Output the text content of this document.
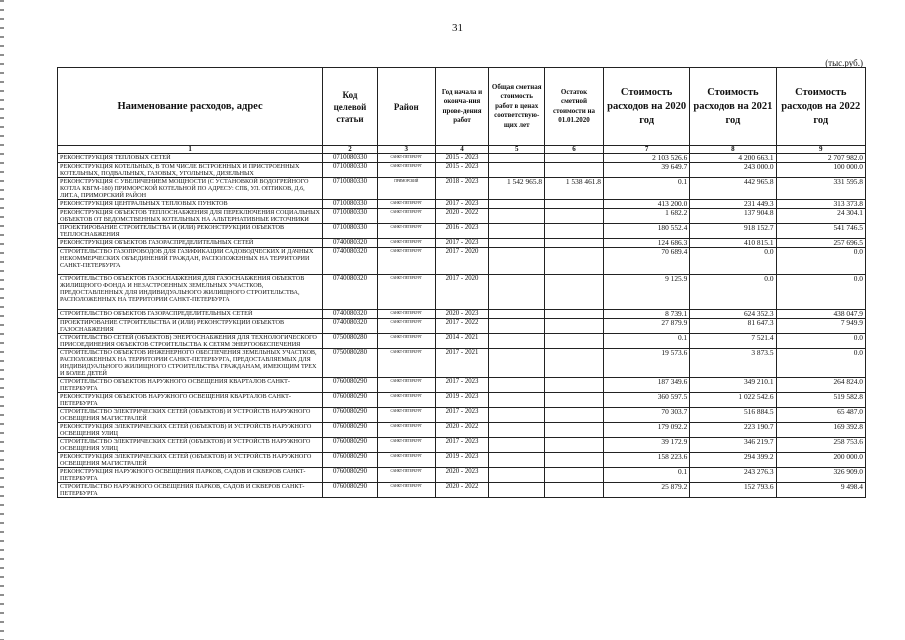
31
(тыс.руб.)
Наименование расходов, адрес	Код целевой статьи	Район	Год начала и оконча-ния прове-дения работ	Общая сметная стоимость работ в ценах соответствую-щих лет	Остаток сметной стоимости на 01.01.2020	Стоимость расходов на 2020 год	Стоимость расходов на 2021 год	Стоимость расходов на 2022 год
1	2	3	4	5	6	7	8	9
РЕКОНСТРУКЦИЯ ТЕПЛОВЫХ СЕТЕЙ	0710080330	САНКТ-ПЕТЕРБУРГ	2015 - 2023			2 103 526.6	4 200 663.1	2 707 982.0
РЕКОНСТРУКЦИЯ КОТЕЛЬНЫХ, В ТОМ ЧИСЛЕ ВСТРОЕННЫХ И ПРИСТРОЕННЫХ КОТЕЛЬНЫХ, ПОДВАЛЬНЫХ, ГАЗОВЫХ, УГОЛЬНЫХ, ДИЗЕЛЬНЫХ	0710080330	САНКТ-ПЕТЕРБУРГ	2015 - 2023			39 649.7	243 000.0	100 000.0
РЕКОНСТРУКЦИЯ С УВЕЛИЧЕНИЕМ МОЩНОСТИ (С УСТАНОВКОЙ ВОДОГРЕЙНОГО КОТЛА КВГМ-180) ПРИМОРСКОЙ КОТЕЛЬНОЙ ПО АДРЕСУ: СПБ, УЛ. ОПТИКОВ, Д.6, ЛИТ.А, ПРИМОРСКИЙ РАЙОН	0710080330	ПРИМОРСКИЙ	2018 - 2023	1 542 965.8	1 538 461.8	0.1	442 965.8	331 595.8
РЕКОНСТРУКЦИЯ ЦЕНТРАЛЬНЫХ ТЕПЛОВЫХ ПУНКТОВ	0710080330	САНКТ-ПЕТЕРБУРГ	2017 - 2023			413 200.0	231 449.3	313 373.8
РЕКОНСТРУКЦИЯ ОБЪЕКТОВ ТЕПЛОСНАБЖЕНИЯ ДЛЯ ПЕРЕКЛЮЧЕНИЯ СОЦИАЛЬНЫХ ОБЪЕКТОВ ОТ ВЕДОМСТВЕННЫХ КОТЕЛЬНЫХ НА АЛЬТЕРНАТИВНЫЕ ИСТОЧНИКИ	0710080330	САНКТ-ПЕТЕРБУРГ	2020 - 2022			1 682.2	137 904.8	24 304.1
ПРОЕКТИРОВАНИЕ СТРОИТЕЛЬСТВА И (ИЛИ) РЕКОНСТРУКЦИИ ОБЪЕКТОВ ТЕПЛОСНАБЖЕНИЯ	0710080330	САНКТ-ПЕТЕРБУРГ	2016 - 2023			180 552.4	918 152.7	541 746.5
РЕКОНСТРУКЦИЯ ОБЪЕКТОВ ГАЗОРАСПРЕДЕЛИТЕЛЬНЫХ СЕТЕЙ	0740080320	САНКТ-ПЕТЕРБУРГ	2017 - 2023			124 686.3	410 815.1	257 696.5
СТРОИТЕЛЬСТВО ГАЗОПРОВОДОВ ДЛЯ ГАЗИФИКАЦИИ САДОВОДЧЕСКИХ И ДАЧНЫХ НЕКОММЕРЧЕСКИХ ОБЪЕДИНЕНИЙ ГРАЖДАН, РАСПОЛОЖЕННЫХ НА ТЕРРИТОРИИ САНКТ-ПЕТЕРБУРГА	0740080320	САНКТ-ПЕТЕРБУРГ	2017 - 2020			70 689.4	0.0	0.0
СТРОИТЕЛЬСТВО ОБЪЕКТОВ ГАЗОСНАБЖЕНИЯ ДЛЯ ГАЗОСНАБЖЕНИЯ ОБЪЕКТОВ ЖИЛИЩНОГО ФОНДА И НЕЗАСТРОЕННЫХ ЗЕМЕЛЬНЫХ УЧАСТКОВ, ПРЕДОСТАВЛЕННЫХ ДЛЯ ИНДИВИДУАЛЬНОГО ЖИЛИЩНОГО СТРОИТЕЛЬСТВА, РАСПОЛОЖЕННЫХ НА ТЕРРИТОРИИ САНКТ-ПЕТЕРБУРГА	0740080320	САНКТ-ПЕТЕРБУРГ	2017 - 2020			9 125.9	0.0	0.0
СТРОИТЕЛЬСТВО ОБЪЕКТОВ ГАЗОРАСПРЕДЕЛИТЕЛЬНЫХ СЕТЕЙ	0740080320	САНКТ-ПЕТЕРБУРГ	2020 - 2023			8 739.1	624 352.3	438 047.9
ПРОЕКТИРОВАНИЕ СТРОИТЕЛЬСТВА И (ИЛИ) РЕКОНСТРУКЦИИ ОБЪЕКТОВ ГАЗОСНАБЖЕНИЯ	0740080320	САНКТ-ПЕТЕРБУРГ	2017 - 2022			27 879.9	81 647.3	7 949.9
СТРОИТЕЛЬСТВО СЕТЕЙ (ОБЪЕКТОВ) ЭНЕРГОСНАБЖЕНИЯ ДЛЯ ТЕХНОЛОГИЧЕСКОГО ПРИСОЕДИНЕНИЯ ОБЪЕКТОВ СТРОИТЕЛЬСТВА К СЕТЯМ ЭНЕРГООБЕСПЕЧЕНИЯ	0750080280	САНКТ-ПЕТЕРБУРГ	2014 - 2021			0.1	7 521.4	0.0
СТРОИТЕЛЬСТВО ОБЪЕКТОВ ИНЖЕНЕРНОГО ОБЕСПЕЧЕНИЯ ЗЕМЕЛЬНЫХ УЧАСТКОВ, РАСПОЛОЖЕННЫХ НА ТЕРРИТОРИИ САНКТ-ПЕТЕРБУРГА, ПРЕДОСТАВЛЯЕМЫХ ДЛЯ ИНДИВИДУАЛЬНОГО ЖИЛИЩНОГО СТРОИТЕЛЬСТВА ГРАЖДАНАМ, ИМЕЮЩИМ ТРЕХ И БОЛЕЕ ДЕТЕЙ	0750080280	САНКТ-ПЕТЕРБУРГ	2017 - 2021			19 573.6	3 873.5	0.0
СТРОИТЕЛЬСТВО ОБЪЕКТОВ НАРУЖНОГО ОСВЕЩЕНИЯ КВАРТАЛОВ САНКТ-ПЕТЕРБУРГА	0760080290	САНКТ-ПЕТЕРБУРГ	2017 - 2023			187 349.6	349 210.1	264 824.0
РЕКОНСТРУКЦИЯ ОБЪЕКТОВ НАРУЖНОГО ОСВЕЩЕНИЯ КВАРТАЛОВ САНКТ-ПЕТЕРБУРГА	0760080290	САНКТ-ПЕТЕРБУРГ	2019 - 2023			360 597.5	1 022 542.6	519 582.8
СТРОИТЕЛЬСТВО ЭЛЕКТРИЧЕСКИХ СЕТЕЙ (ОБЪЕКТОВ) И УСТРОЙСТВ НАРУЖНОГО ОСВЕЩЕНИЯ МАГИСТРАЛЕЙ	0760080290	САНКТ-ПЕТЕРБУРГ	2017 - 2023			70 303.7	516 884.5	65 487.0
РЕКОНСТРУКЦИЯ ЭЛЕКТРИЧЕСКИХ СЕТЕЙ (ОБЪЕКТОВ) И УСТРОЙСТВ НАРУЖНОГО ОСВЕЩЕНИЯ УЛИЦ	0760080290	САНКТ-ПЕТЕРБУРГ	2020 - 2022			179 092.2	223 190.7	169 392.8
СТРОИТЕЛЬСТВО ЭЛЕКТРИЧЕСКИХ СЕТЕЙ (ОБЪЕКТОВ) И УСТРОЙСТВ НАРУЖНОГО ОСВЕЩЕНИЯ УЛИЦ	0760080290	САНКТ-ПЕТЕРБУРГ	2017 - 2023			39 172.9	346 219.7	258 753.6
РЕКОНСТРУКЦИЯ ЭЛЕКТРИЧЕСКИХ СЕТЕЙ (ОБЪЕКТОВ) И УСТРОЙСТВ НАРУЖНОГО ОСВЕЩЕНИЯ МАГИСТРАЛЕЙ	0760080290	САНКТ-ПЕТЕРБУРГ	2019 - 2023			158 223.6	294 399.2	200 000.0
РЕКОНСТРУКЦИЯ НАРУЖНОГО ОСВЕЩЕНИЯ ПАРКОВ, САДОВ И СКВЕРОВ САНКТ-ПЕТЕРБУРГА	0760080290	САНКТ-ПЕТЕРБУРГ	2020 - 2023			0.1	243 276.3	326 909.0
СТРОИТЕЛЬСТВО НАРУЖНОГО ОСВЕЩЕНИЯ ПАРКОВ, САДОВ И СКВЕРОВ САНКТ-ПЕТЕРБУРГА	0760080290	САНКТ-ПЕТЕРБУРГ	2020 - 2022			25 879.2	152 793.6	9 498.4
